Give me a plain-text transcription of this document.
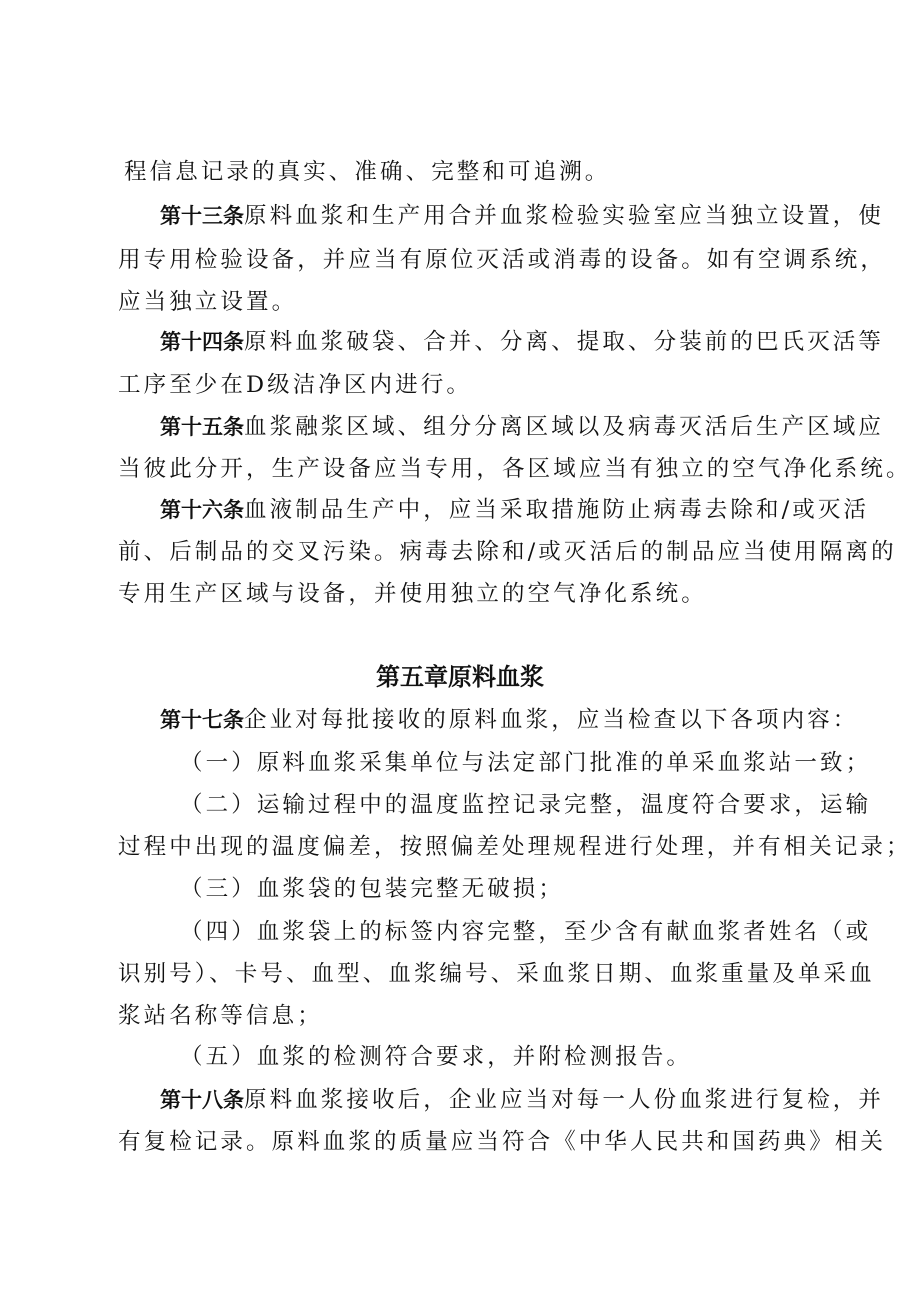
程信息记录的真实、准确、完整和可追溯。
第十三条原料血浆和生产用合并血浆检验实验室应当独立设置，使
用专用检验设备，并应当有原位灭活或消毒的设备。如有空调系统，
应当独立设置。
第十四条原料血浆破袋、合并、分离、提取、分装前的巴氏灭活等
工序至少在D级洁净区内进行。
第十五条血浆融浆区域、组分分离区域以及病毒灭活后生产区域应
当彼此分开，生产设备应当专用，各区域应当有独立的空气净化系统。
第十六条血液制品生产中，应当采取措施防止病毒去除和/或灭活
前、后制品的交叉污染。病毒去除和/或灭活后的制品应当使用隔离的
专用生产区域与设备，并使用独立的空气净化系统。
第五章原料血浆
第十七条企业对每批接收的原料血浆，应当检查以下各项内容：
（一）原料血浆采集单位与法定部门批准的单采血浆站一致；
（二）运输过程中的温度监控记录完整，温度符合要求，运输
过程中出现的温度偏差，按照偏差处理规程进行处理，并有相关记录；
（三）血浆袋的包装完整无破损；
（四）血浆袋上的标签内容完整，至少含有献血浆者姓名（或
识别号）、卡号、血型、血浆编号、采血浆日期、血浆重量及单采血
浆站名称等信息；
（五）血浆的检测符合要求，并附检测报告。
第十八条原料血浆接收后，企业应当对每一人份血浆进行复检，并
有复检记录。原料血浆的质量应当符合《中华人民共和国药典》相关
